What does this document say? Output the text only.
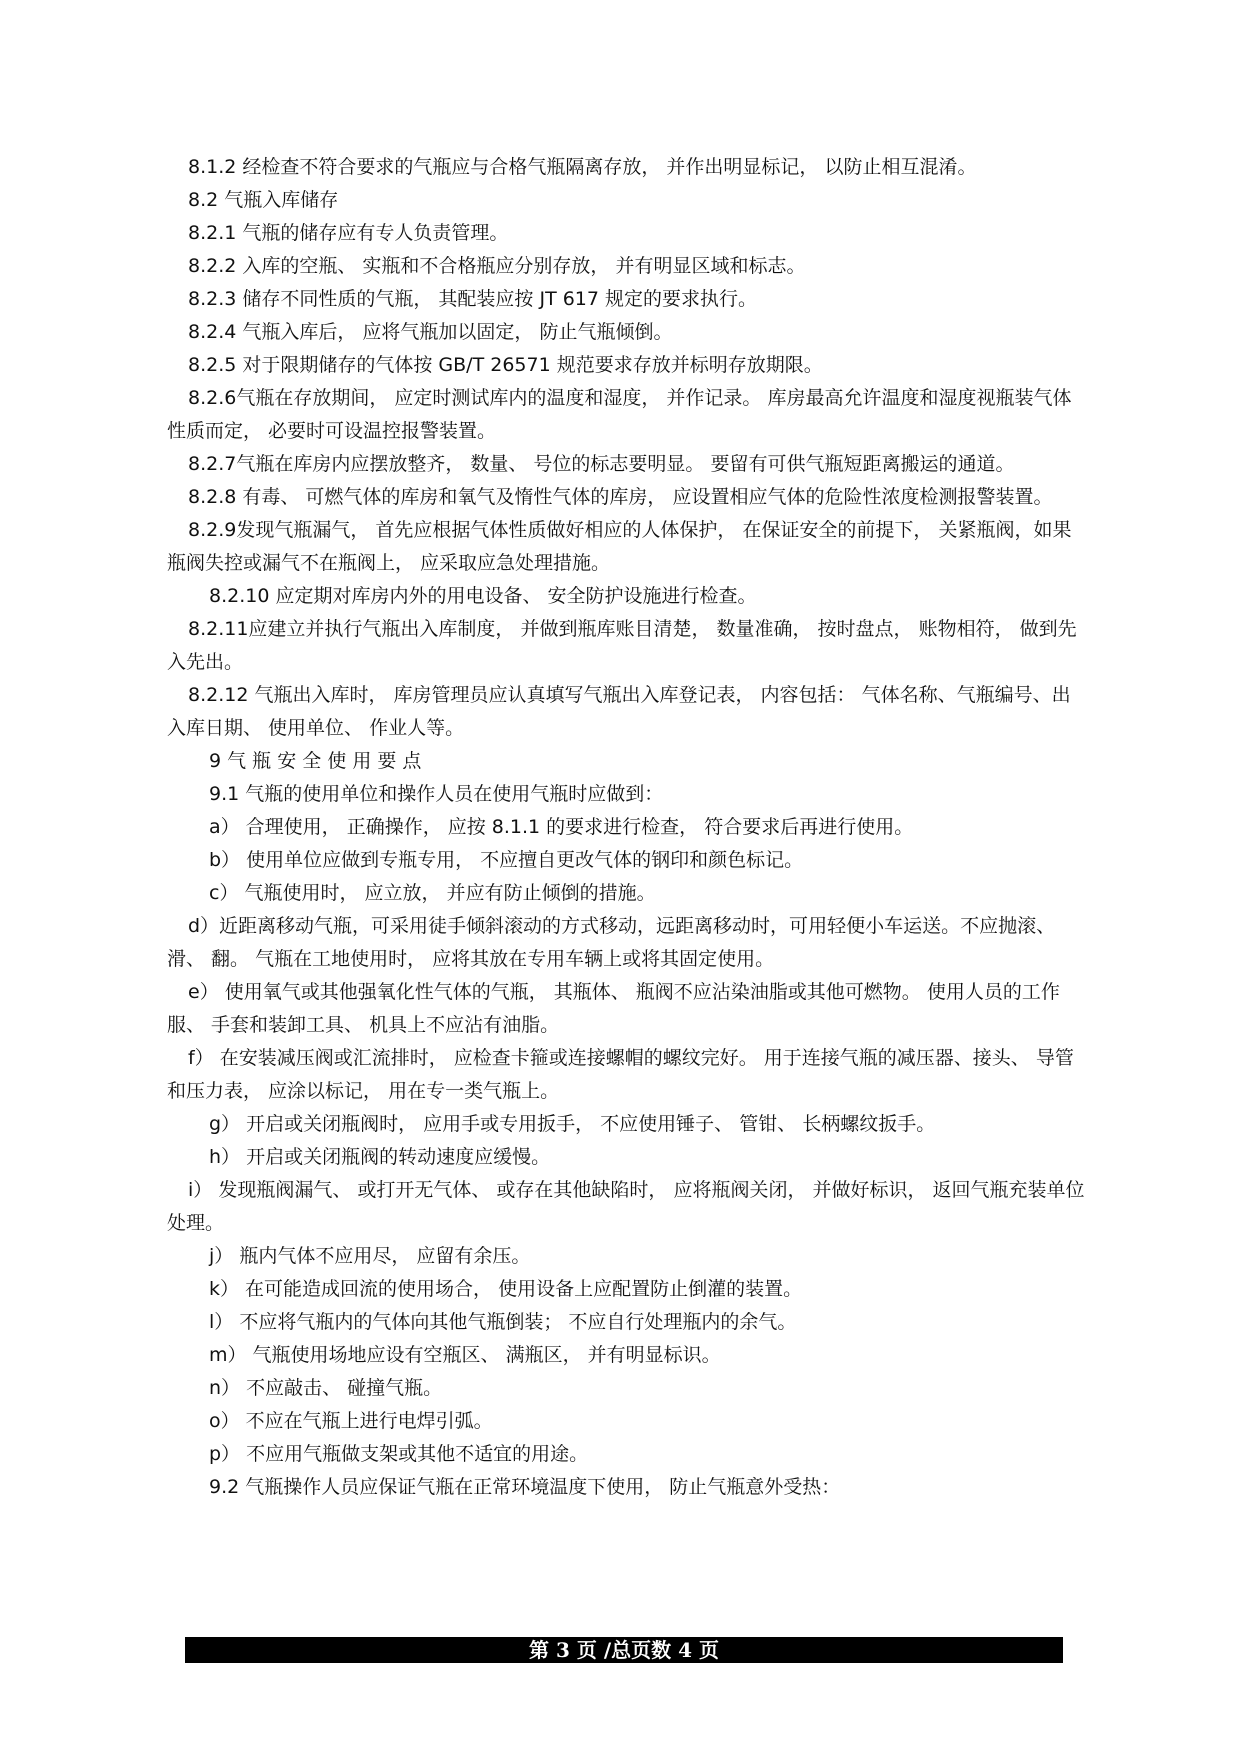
8.1.2 经检查不符合要求的气瓶应与合格气瓶隔离存放， 并作出明显标记， 以防止相互混淆。

8.2 气瓶入库储存

8.2.1 气瓶的储存应有专人负责管理。

8.2.2 入库的空瓶、 实瓶和不合格瓶应分别存放， 并有明显区域和标志。

8.2.3 储存不同性质的气瓶， 其配装应按 JT 617 规定的要求执行。

8.2.4 气瓶入库后， 应将气瓶加以固定， 防止气瓶倾倒。

8.2.5 对于限期储存的气体按 GB/T 26571 规范要求存放并标明存放期限。

8.2.6气瓶在存放期间， 应定时测试库内的温度和湿度， 并作记录。 库房最高允许温度和湿度视瓶装气体性质而定， 必要时可设温控报警装置。

8.2.7气瓶在库房内应摆放整齐， 数量、 号位的标志要明显。 要留有可供气瓶短距离搬运的通道。

8.2.8 有毒、 可燃气体的库房和氧气及惰性气体的库房， 应设置相应气体的危险性浓度检测报警装置。

8.2.9发现气瓶漏气， 首先应根据气体性质做好相应的人体保护， 在保证安全的前提下， 关紧瓶阀，如果瓶阀失控或漏气不在瓶阀上， 应采取应急处理措施。

8.2.10 应定期对库房内外的用电设备、 安全防护设施进行检查。

8.2.11应建立并执行气瓶出入库制度， 并做到瓶库账目清楚， 数量准确， 按时盘点， 账物相符， 做到先入先出。

8.2.12 气瓶出入库时， 库房管理员应认真填写气瓶出入库登记表， 内容包括： 气体名称、气瓶编号、出入库日期、 使用单位、 作业人等。

9 气 瓶 安 全 使 用 要 点

9.1 气瓶的使用单位和操作人员在使用气瓶时应做到：

a） 合理使用， 正确操作， 应按 8.1.1 的要求进行检查， 符合要求后再进行使用。

b） 使用单位应做到专瓶专用， 不应擅自更改气体的钢印和颜色标记。

c） 气瓶使用时， 应立放， 并应有防止倾倒的措施。

d）近距离移动气瓶，可采用徒手倾斜滚动的方式移动，远距离移动时，可用轻便小车运送。不应抛滚、 滑、 翻。 气瓶在工地使用时， 应将其放在专用车辆上或将其固定使用。

e） 使用氧气或其他强氧化性气体的气瓶， 其瓶体、 瓶阀不应沾染油脂或其他可燃物。 使用人员的工作服、 手套和装卸工具、 机具上不应沾有油脂。

f） 在安装减压阀或汇流排时， 应检查卡箍或连接螺帽的螺纹完好。 用于连接气瓶的减压器、接头、 导管和压力表， 应涂以标记， 用在专一类气瓶上。

g） 开启或关闭瓶阀时， 应用手或专用扳手， 不应使用锤子、 管钳、 长柄螺纹扳手。

h） 开启或关闭瓶阀的转动速度应缓慢。

i） 发现瓶阀漏气、 或打开无气体、 或存在其他缺陷时， 应将瓶阀关闭， 并做好标识， 返回气瓶充装单位处理。

j） 瓶内气体不应用尽， 应留有余压。

k） 在可能造成回流的使用场合， 使用设备上应配置防止倒灌的装置。

l） 不应将气瓶内的气体向其他气瓶倒装； 不应自行处理瓶内的余气。

m） 气瓶使用场地应设有空瓶区、 满瓶区， 并有明显标识。

n） 不应敲击、 碰撞气瓶。

o） 不应在气瓶上进行电焊引弧。

p） 不应用气瓶做支架或其他不适宜的用途。

9.2 气瓶操作人员应保证气瓶在正常环境温度下使用， 防止气瓶意外受热：

第 3 页 /总页数 4 页
